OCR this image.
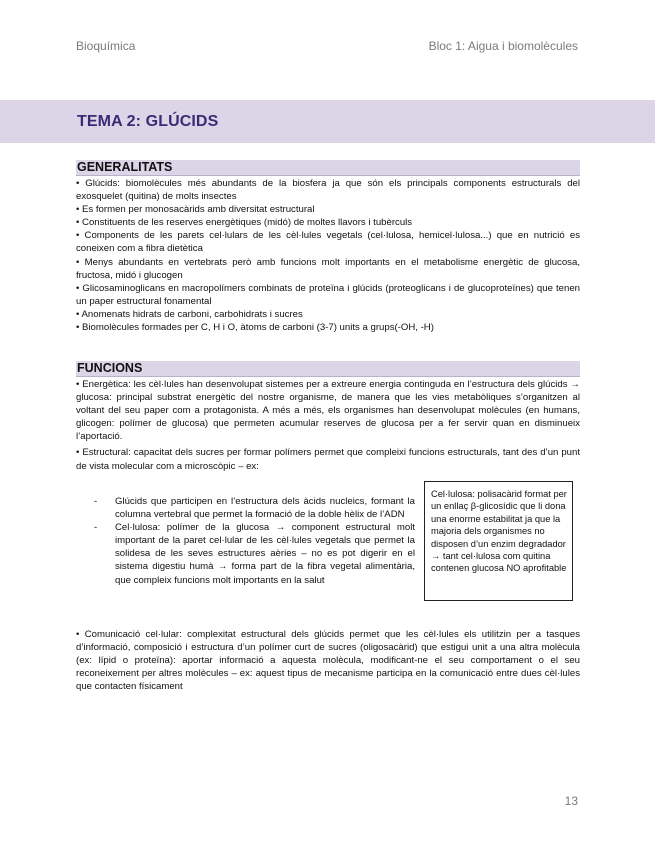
Bioquímica	Bloc 1: Aigua i biomolècules
TEMA 2: GLÚCIDS
GENERALITATS

• Glúcids: biomolècules més abundants de la biosfera ja que són els principals components estructurals del exosquelet (quitina) de molts insectes

• Es formen per monosacàrids amb diversitat estructural

• Constituents de les reserves energètiques (midó) de moltes llavors i tubèrculs

• Components de les parets cel·lulars de les cèl·lules vegetals (cel·lulosa, hemicel·lulosa...) que en nutrició es coneixen com a fibra dietètica

• Menys abundants en vertebrats però amb funcions molt importants en el metabolisme energètic de glucosa, fructosa, midó i glucogen

• Glicosaminoglicans en macropolímers combinats de proteïna i glúcids (proteoglicans i de glucoproteïnes) que tenen un paper estructural fonamental

• Anomenats hidrats de carboni, carbohidrats i sucres

• Biomolècules formades per C, H i O, àtoms de carboni (3-7) units a grups(-OH, -H)

FUNCIONS

• Energètica: les cèl·lules han desenvolupat sistemes per a extreure energia continguda en l’estructura dels glúcids → glucosa: principal substrat energètic del nostre organisme, de manera que les vies metabòliques s’organitzen al voltant del seu paper com a protagonista. A més a més, els organismes han desenvolupat molècules (en humans, glicogen: polímer de glucosa) que permeten acumular reserves de glucosa per a fer servir quan en disminueix l’aportació.

• Estructural: capacitat dels sucres per formar polímers permet que compleixi funcions estructurals, tant des d’un punt de vista molecular com a microscòpic – ex:

- Glúcids que participen en l’estructura dels àcids nucleics, formant la columna vertebral que permet la formació de la doble hèlix de l’ADN

- Cel·lulosa: polímer de la glucosa → component estructural molt important de la paret cel·lular de les cèl·lules vegetals que permet la solidesa de les seves estructures aèries – no es pot digerir en el sistema digestiu humà → forma part de la fibra vegetal alimentària, que compleix funcions molt importants en la salut

Cel·lulosa: polisacàrid format per un enllaç β-glicosídic que li dona una enorme estabilitat ja que la majoria dels organismes no disposen d’un enzim degradador → tant cel·lulosa com quitina contenen glucosa NO aprofitable

• Comunicació cel·lular: complexitat estructural dels glúcids permet que les cèl·lules els utilitzin per a tasques d’informació, composició i estructura d’un polímer curt de sucres (oligosacàrid) que estigui unit a una altra molècula (ex: lípid o proteïna): aportar informació a aquesta molècula, modificant-ne el seu comportament o el seu reconeixement per altres molècules – ex: aquest tipus de mecanisme participa en la comunicació entre dues cèl·lules que contacten físicament

13
